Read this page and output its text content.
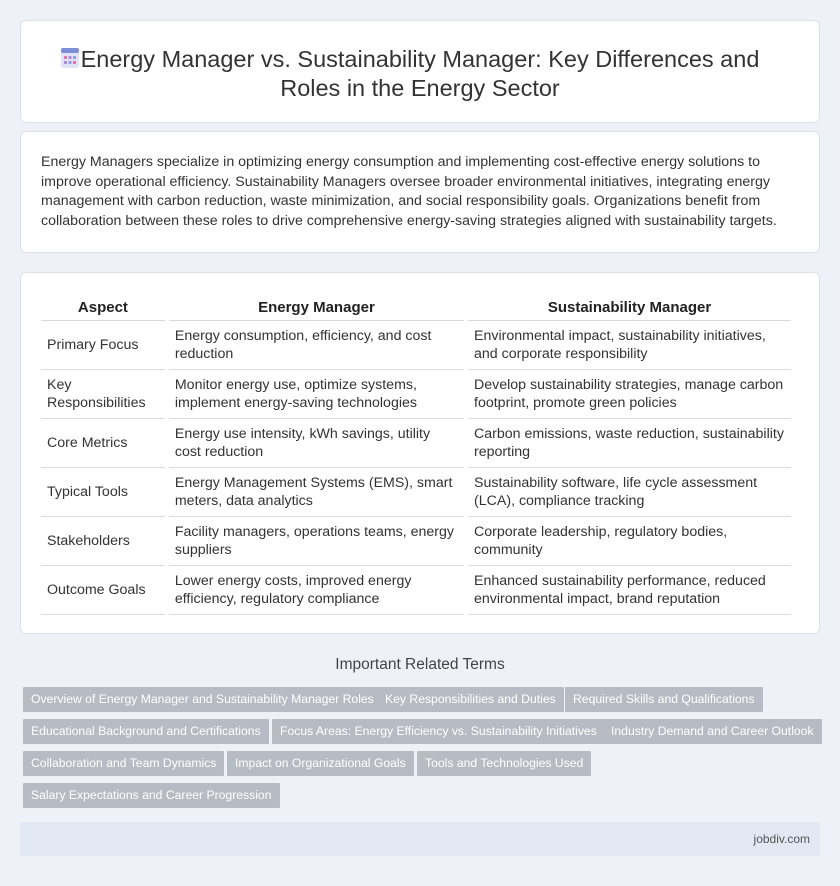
Energy Manager vs. Sustainability Manager: Key Differences and
Roles in the Energy Sector

Energy Managers specialize in optimizing energy consumption and implementing cost-effective energy solutions to improve operational efficiency. Sustainability Managers oversee broader environmental initiatives, integrating energy management with carbon reduction, waste minimization, and social responsibility goals. Organizations benefit from collaboration between these roles to drive comprehensive energy-saving strategies aligned with sustainability targets.

Aspect	Energy Manager	Sustainability Manager
Primary Focus	Energy consumption, efficiency, and cost reduction	Environmental impact, sustainability initiatives, and corporate responsibility
Key Responsibilities	Monitor energy use, optimize systems, implement energy-saving technologies	Develop sustainability strategies, manage carbon footprint, promote green policies
Core Metrics	Energy use intensity, kWh savings, utility cost reduction	Carbon emissions, waste reduction, sustainability reporting
Typical Tools	Energy Management Systems (EMS), smart meters, data analytics	Sustainability software, life cycle assessment (LCA), compliance tracking
Stakeholders	Facility managers, operations teams, energy suppliers	Corporate leadership, regulatory bodies, community
Outcome Goals	Lower energy costs, improved energy efficiency, regulatory compliance	Enhanced sustainability performance, reduced environmental impact, brand reputation
Important Related Terms
Overview of Energy Manager and Sustainability Manager Roles Key Responsibilities and Duties	Required Skills and Qualifications
Educational Background and Certifications	Focus Areas: Energy Efficiency vs. Sustainability Initiatives	Industry Demand and Career Outlook
Collaboration and Team Dynamics	Impact on Organizational Goals	Tools and Technologies Used
Salary Expectations and Career Progression
jobdiv.com
